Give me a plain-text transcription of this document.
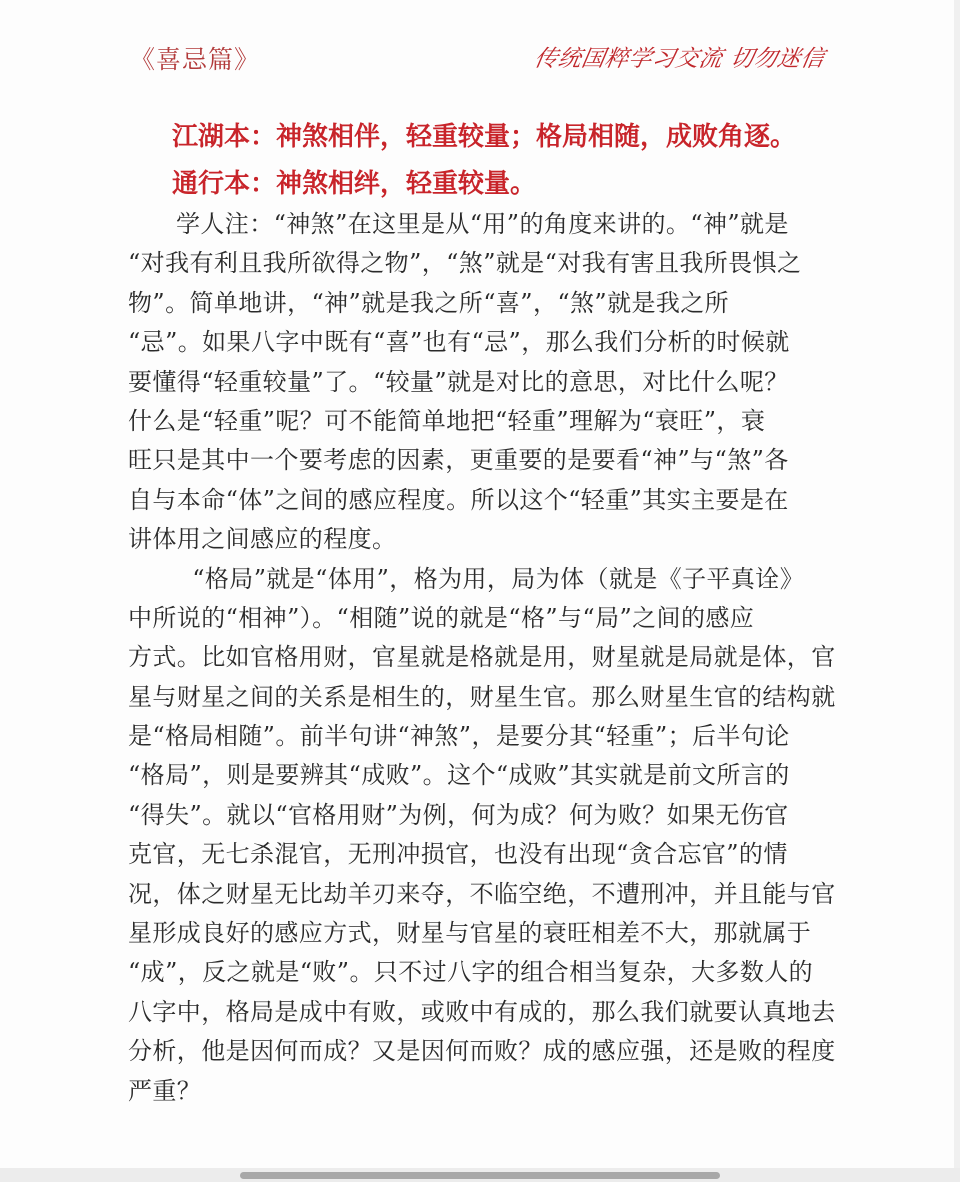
《喜忌篇》	传统国粹学习交流 切勿迷信
江湖本：神煞相伴，轻重较量；格局相随，成败角逐。
通行本：神煞相绊，轻重较量。
学人注：“神煞”在这里是从“用”的角度来讲的。“神”就是
“对我有利且我所欲得之物”，“煞”就是“对我有害且我所畏惧之
物”。简单地讲，“神”就是我之所“喜”，“煞”就是我之所
“忌”。如果八字中既有“喜”也有“忌”，那么我们分析的时候就
要懂得“轻重较量”了。“较量”就是对比的意思，对比什么呢？
什么是“轻重”呢？可不能简单地把“轻重”理解为“衰旺”，衰
旺只是其中一个要考虑的因素，更重要的是要看“神”与“煞”各
自与本命“体”之间的感应程度。所以这个“轻重”其实主要是在
讲体用之间感应的程度。
“格局”就是“体用”，格为用，局为体（就是《子平真诠》
中所说的“相神”）。“相随”说的就是“格”与“局”之间的感应
方式。比如官格用财，官星就是格就是用，财星就是局就是体，官
星与财星之间的关系是相生的，财星生官。那么财星生官的结构就
是“格局相随”。前半句讲“神煞”，是要分其“轻重”；后半句论
“格局”，则是要辨其“成败”。这个“成败”其实就是前文所言的
“得失”。就以“官格用财”为例，何为成？何为败？如果无伤官
克官，无七杀混官，无刑冲损官，也没有出现“贪合忘官”的情
况，体之财星无比劫羊刃来夺，不临空绝，不遭刑冲，并且能与官
星形成良好的感应方式，财星与官星的衰旺相差不大，那就属于
“成”，反之就是“败”。只不过八字的组合相当复杂，大多数人的
八字中，格局是成中有败，或败中有成的，那么我们就要认真地去
分析，他是因何而成？又是因何而败？成的感应强，还是败的程度
严重？
